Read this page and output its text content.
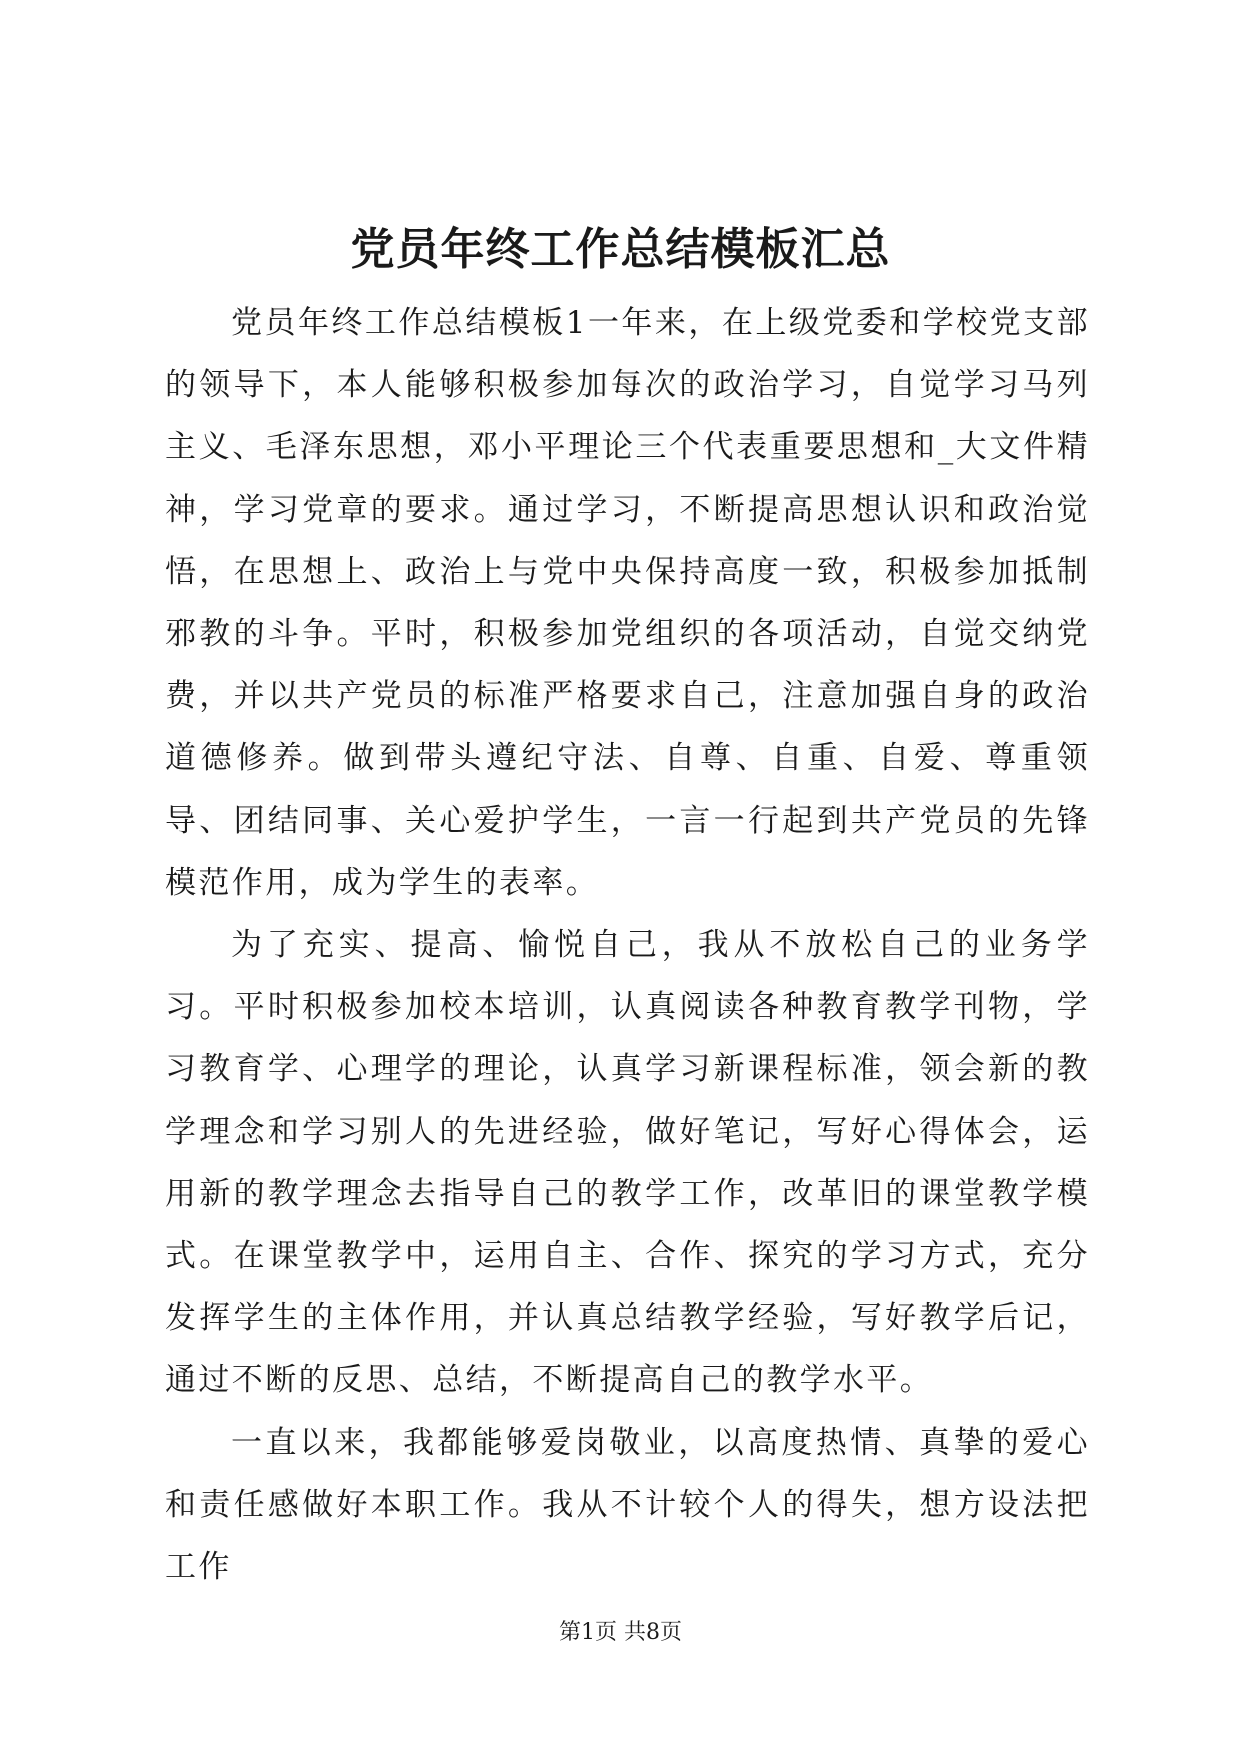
党员年终工作总结模板汇总

党员年终工作总结模板1一年来，在上级党委和学校党支部的领导下，本人能够积极参加每次的政治学习，自觉学习马列主义、毛泽东思想，邓小平理论三个代表重要思想和_大文件精神，学习党章的要求。通过学习，不断提高思想认识和政治觉悟，在思想上、政治上与党中央保持高度一致，积极参加抵制邪教的斗争。平时，积极参加党组织的各项活动，自觉交纳党费，并以共产党员的标准严格要求自己，注意加强自身的政治道德修养。做到带头遵纪守法、自尊、自重、自爱、尊重领导、团结同事、关心爱护学生，一言一行起到共产党员的先锋模范作用，成为学生的表率。

为了充实、提高、愉悦自己，我从不放松自己的业务学习。平时积极参加校本培训，认真阅读各种教育教学刊物，学习教育学、心理学的理论，认真学习新课程标准，领会新的教学理念和学习别人的先进经验，做好笔记，写好心得体会，运用新的教学理念去指导自己的教学工作，改革旧的课堂教学模式。在课堂教学中，运用自主、合作、探究的学习方式，充分发挥学生的主体作用，并认真总结教学经验，写好教学后记，通过不断的反思、总结，不断提高自己的教学水平。

一直以来，我都能够爱岗敬业，以高度热情、真挚的爱心和责任感做好本职工作。我从不计较个人的得失，想方设法把工作

第1页 共8页
